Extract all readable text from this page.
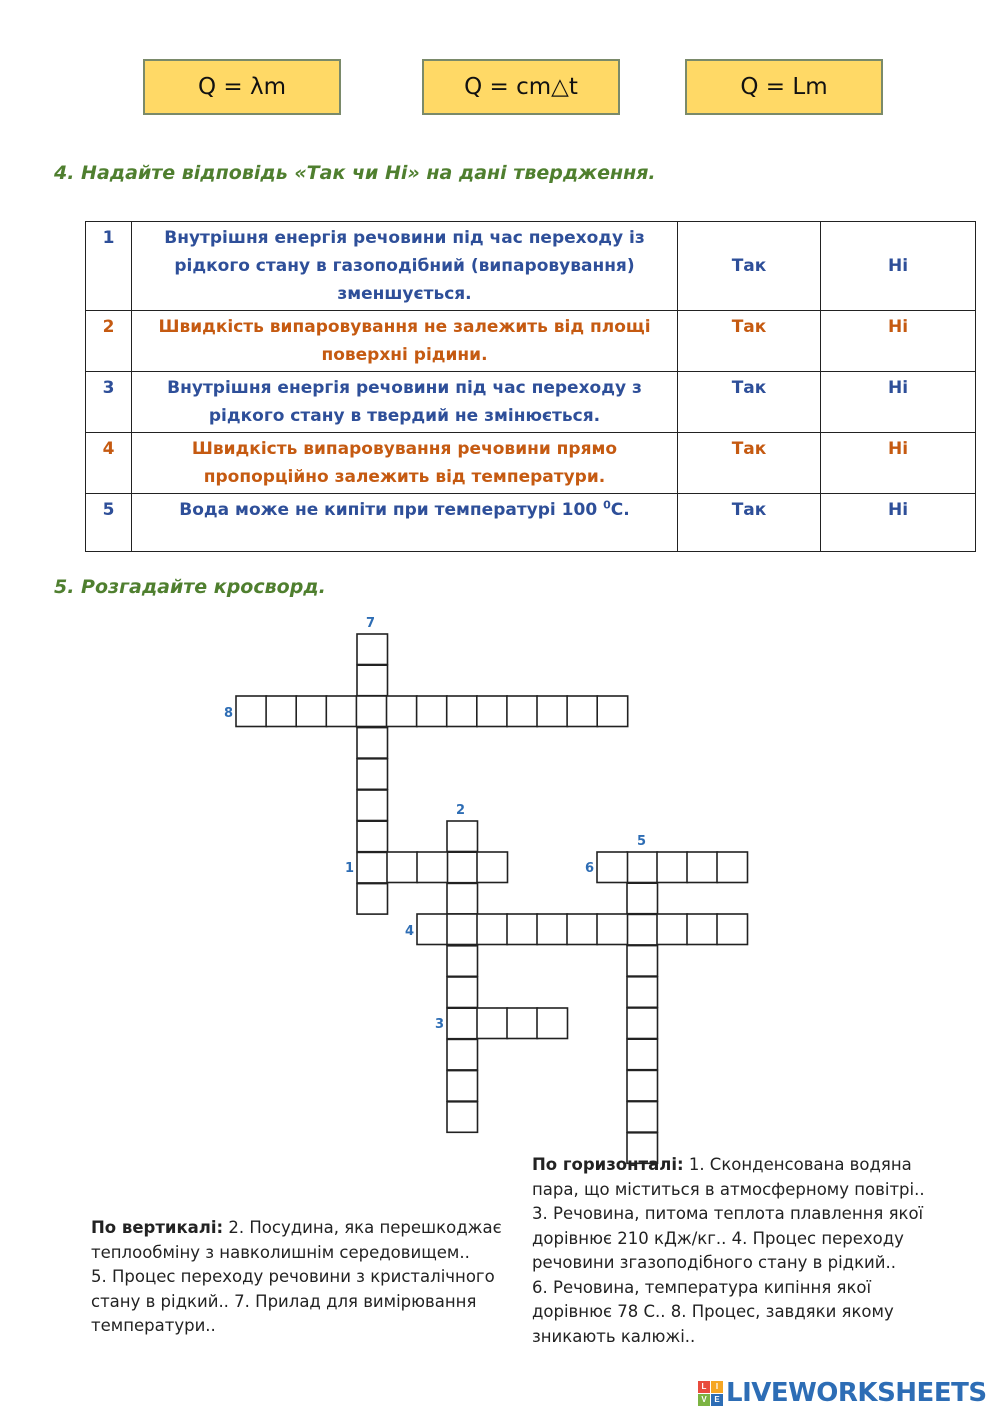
Q = λm	Q = cm△t	Q = Lm
4. Надайте відповідь «Так чи Ні» на дані твердження.
1	Внутрішня енергія речовини під час переходу із рідкого стану в газоподібний (випаровування) зменшується.	Так	Ні
2	Швидкість випаровування не залежить від площі поверхні рідини.	Так	Ні
3	Внутрішня енергія речовини під час переходу з рідкого стану в твердий не змінюється.	Так	Ні
4	Швидкість випаровування речовини прямо пропорційно залежить від температури.	Так	Ні
5	Вода може не кипіти при температурі 100 $^0$С.	Так	Ні
5. Розгадайте кросворд.
7
8
2
5
1	6
4
3
По вертикалі: 2. Посудина, яка перешкоджає
теплообміну з навколишнім середовищем..
5. Процес переходу речовини з кристалічного
стану в рідкий.. 7. Прилад для вимірювання
температури..
По горизонталі: 1. Сконденсована водяна
пара, що міститься в атмосферному повітрі..
3. Речовина, питома теплота плавлення якої
дорівнює 210 кДж/кг.. 4. Процес переходу
речовини згазоподібного стану в рідкий..
6. Речовина, температура кипіння якої
дорівнює 78 С.. 8. Процес, завдяки якому
зникають калюжі..
L	I
V E LIVEWORKSHEETS
